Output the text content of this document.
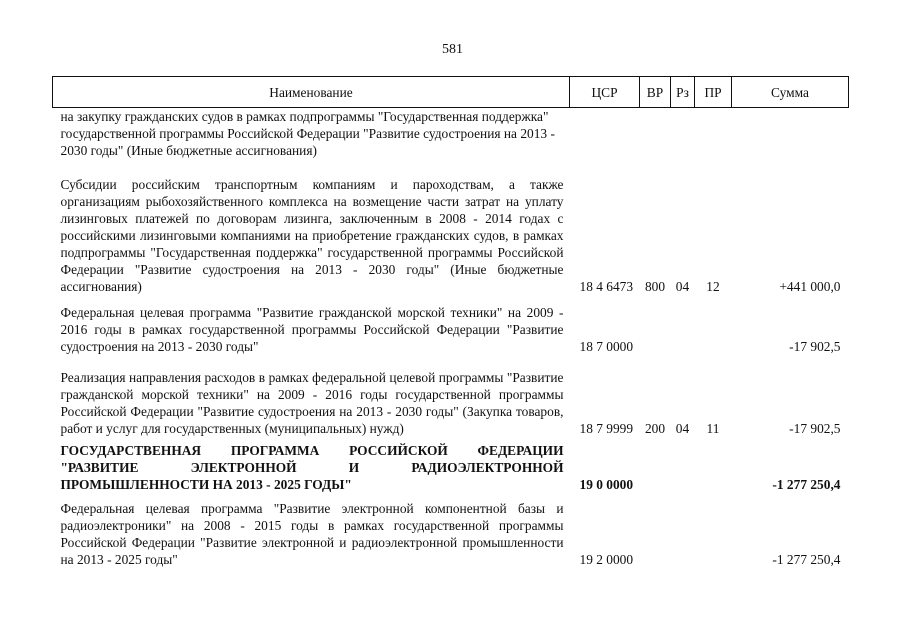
581
Наименование	ЦСР	ВР	Рз	ПР	Сумма
на закупку гражданских судов в рамках подпрограммы "Государственная поддержка" государственной программы Российской Федерации "Развитие судостроения на 2013 - 2030 годы" (Иные бюджетные ассигнования)					
Субсидии российским транспортным компаниям и пароходствам, а также организациям рыбохозяйственного комплекса на возмещение части затрат на уплату лизинговых платежей по договорам лизинга, заключенным в 2008 - 2014 годах с российскими лизинговыми компаниями на приобретение гражданских судов, в рамках подпрограммы "Государственная поддержка" государственной программы Российской Федерации "Развитие судостроения на 2013 - 2030 годы" (Иные бюджетные ассигнования)	18 4 6473	800	04	12	+441 000,0
Федеральная целевая программа "Развитие гражданской морской техники" на 2009 - 2016 годы в рамках государственной программы Российской Федерации "Развитие судостроения на 2013 - 2030 годы"	18 7 0000				-17 902,5
Реализация направления расходов в рамках федеральной целевой программы "Развитие гражданской морской техники" на 2009 - 2016 годы государственной программы Российской Федерации "Развитие судостроения на 2013 - 2030 годы" (Закупка товаров, работ и услуг для государственных (муниципальных) нужд)	18 7 9999	200	04	11	-17 902,5
ГОСУДАРСТВЕННАЯ ПРОГРАММА РОССИЙСКОЙ ФЕДЕРАЦИИ "РАЗВИТИЕ ЭЛЕКТРОННОЙ И РАДИОЭЛЕКТРОННОЙ ПРОМЫШЛЕННОСТИ НА 2013 - 2025 ГОДЫ"	19 0 0000				-1 277 250,4
Федеральная целевая программа "Развитие электронной компонентной базы и радиоэлектроники" на 2008 - 2015 годы в рамках государственной программы Российской Федерации "Развитие электронной и радиоэлектронной промышленности на 2013 - 2025 годы"	19 2 0000				-1 277 250,4
